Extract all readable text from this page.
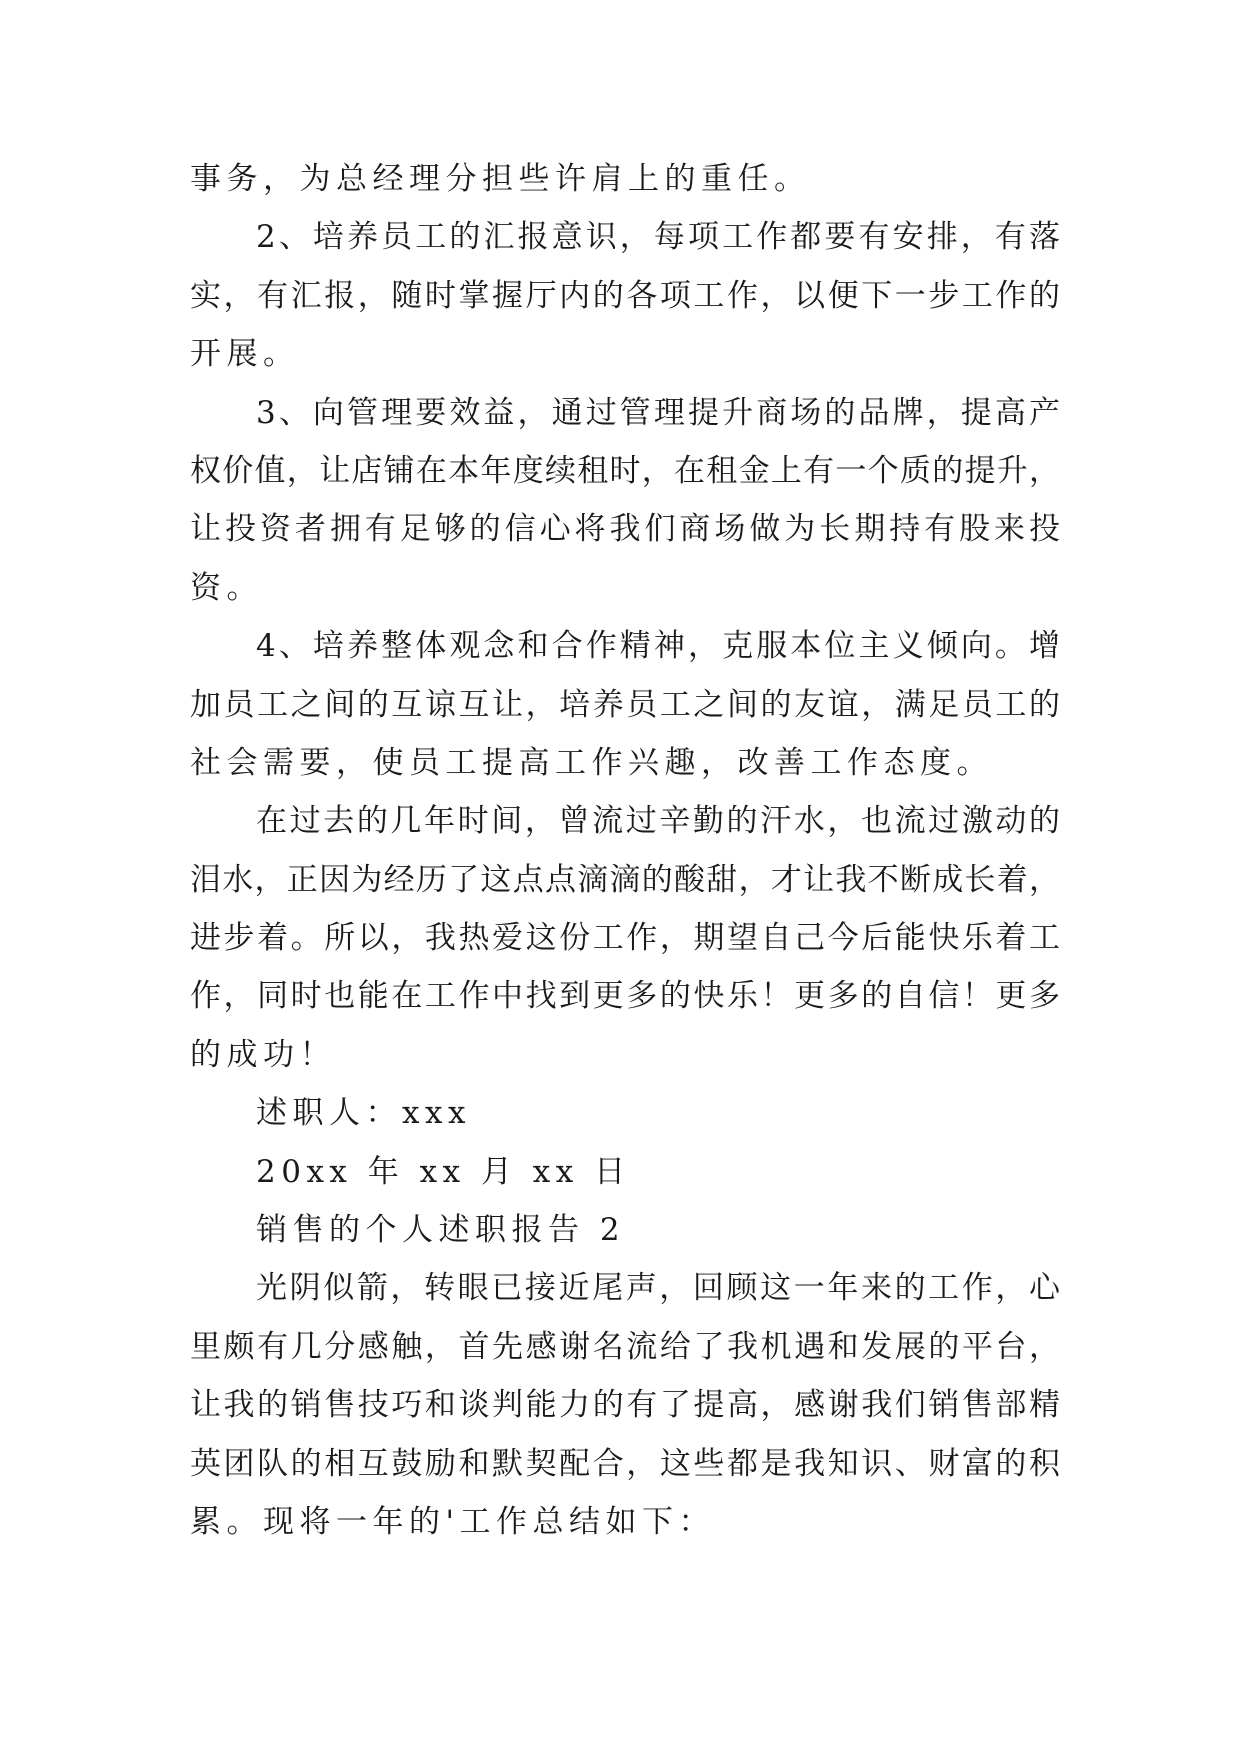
事务，为总经理分担些许肩上的重任。
2、培养员工的汇报意识，每项工作都要有安排，有落
实，有汇报，随时掌握厅内的各项工作，以便下一步工作的
开展。
3、向管理要效益，通过管理提升商场的品牌，提高产
权价值，让店铺在本年度续租时，在租金上有一个质的提升，
让投资者拥有足够的信心将我们商场做为长期持有股来投
资。
4、培养整体观念和合作精神，克服本位主义倾向。增
加员工之间的互谅互让，培养员工之间的友谊，满足员工的
社会需要，使员工提高工作兴趣，改善工作态度。
在过去的几年时间，曾流过辛勤的汗水，也流过激动的
泪水，正因为经历了这点点滴滴的酸甜，才让我不断成长着，
进步着。所以，我热爱这份工作，期望自己今后能快乐着工
作，同时也能在工作中找到更多的快乐！更多的自信！更多
的成功！
述职人：xxx
20xx 年 xx 月 xx 日
销售的个人述职报告 2
光阴似箭，转眼已接近尾声，回顾这一年来的工作，心
里颇有几分感触，首先感谢名流给了我机遇和发展的平台，
让我的销售技巧和谈判能力的有了提高，感谢我们销售部精
英团队的相互鼓励和默契配合，这些都是我知识、财富的积
累。现将一年的'工作总结如下：
